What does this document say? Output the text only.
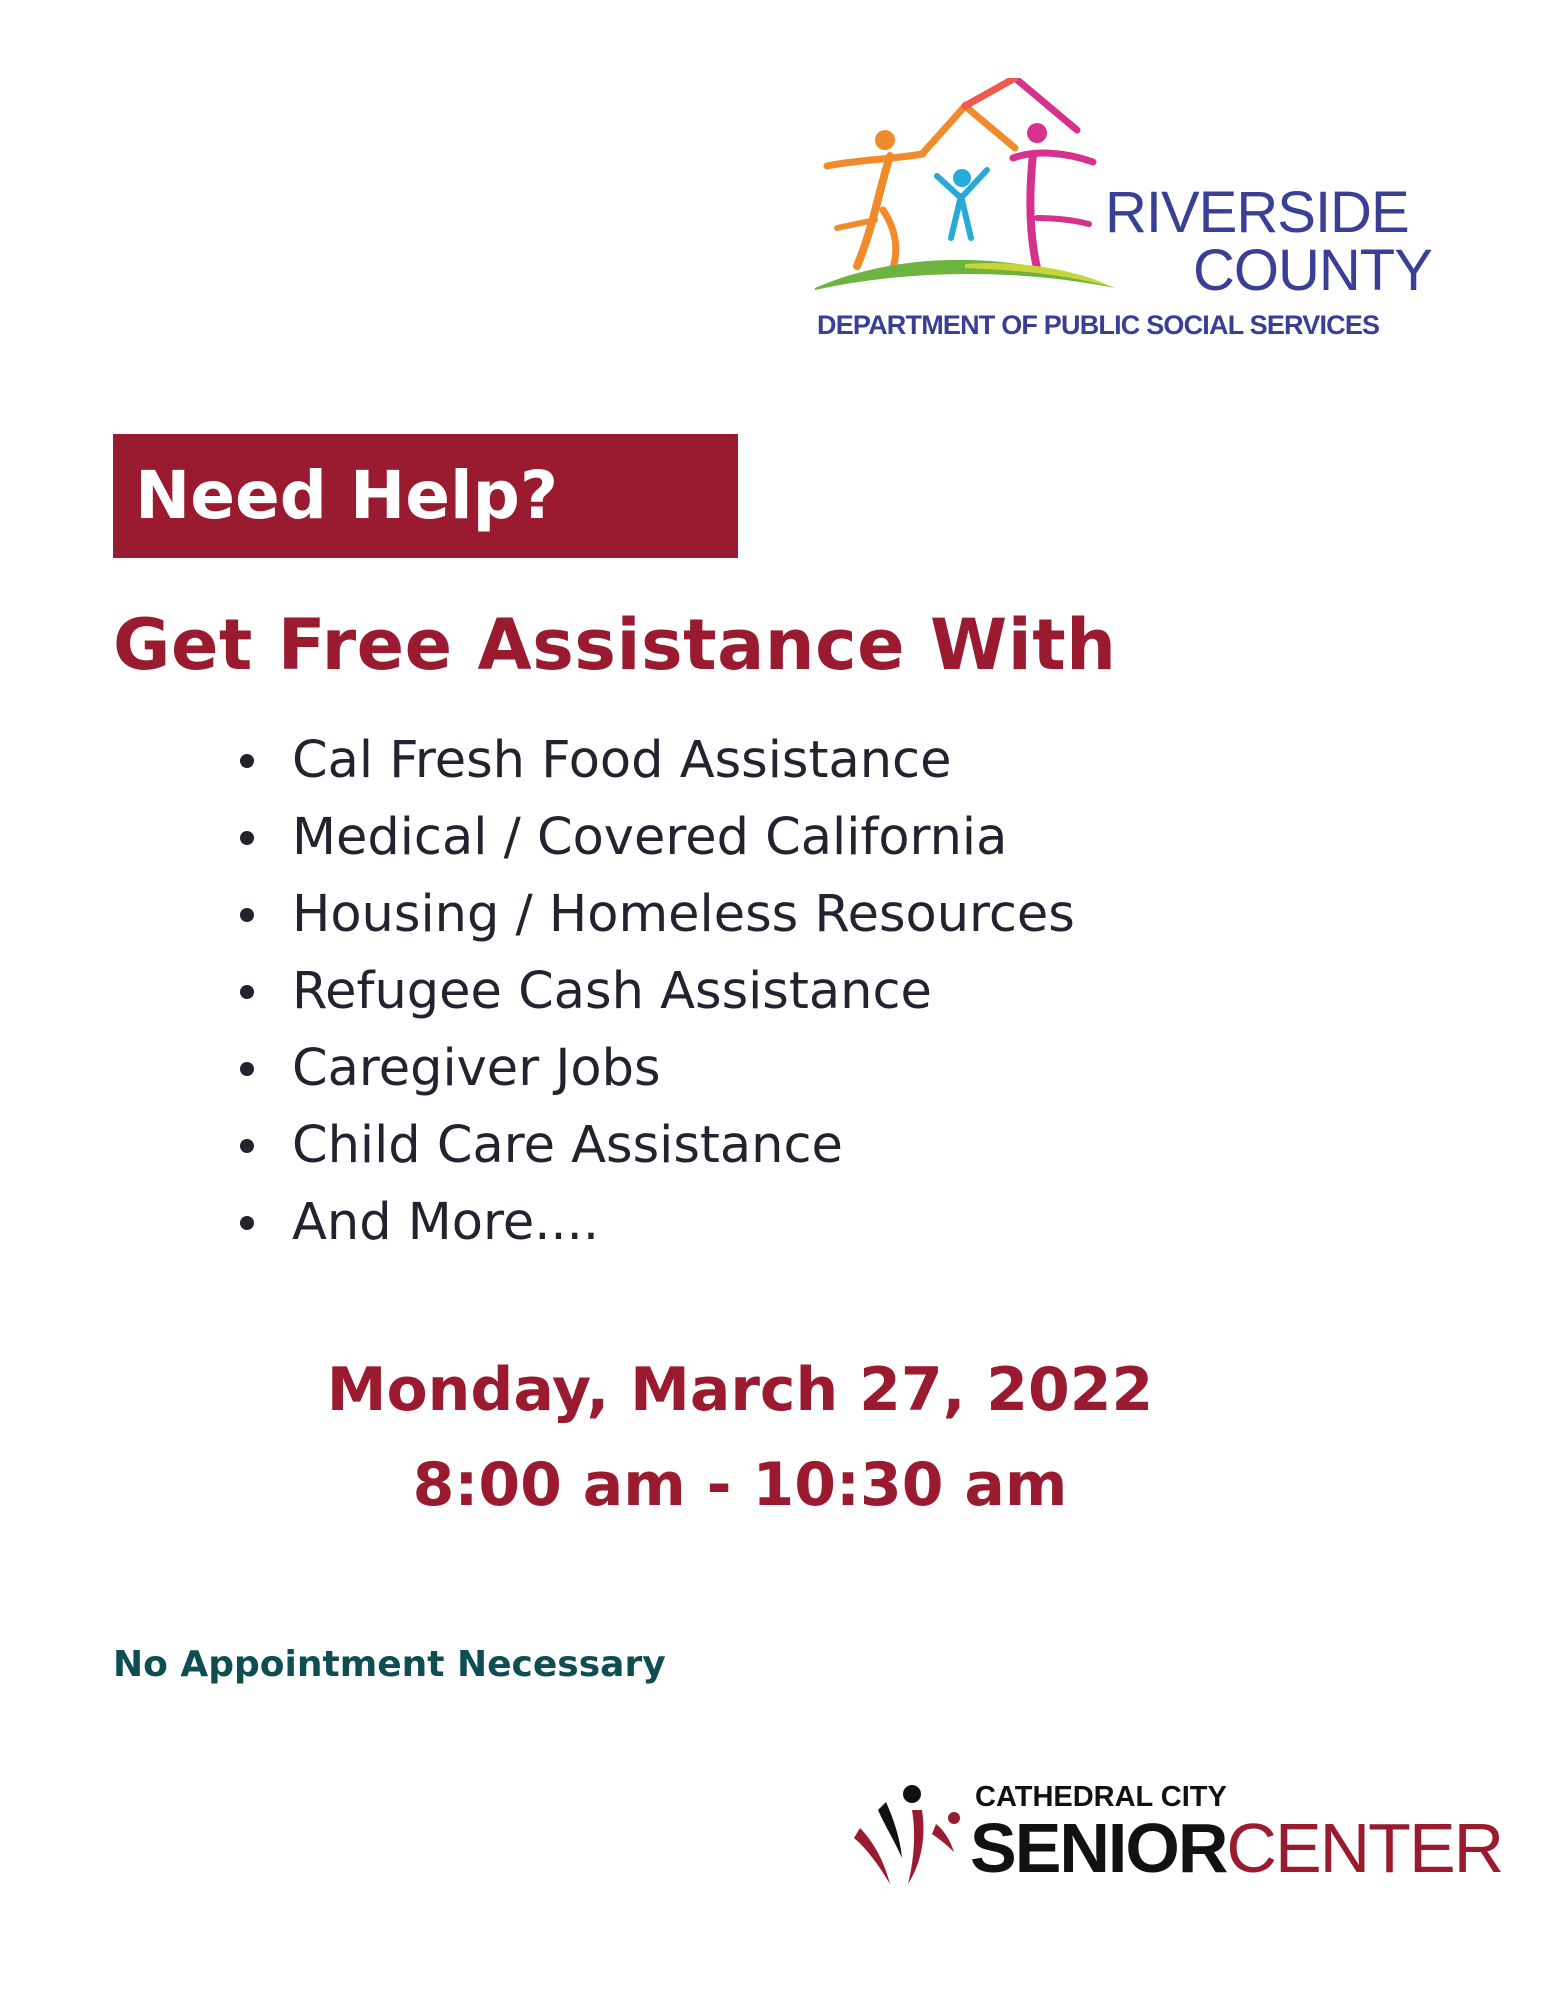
RIVERSIDE
COUNTY
DEPARTMENT OF PUBLIC SOCIAL SERVICES
Need Help?
Get Free Assistance With
Cal Fresh Food Assistance
Medical / Covered California
Housing / Homeless Resources
Refugee Cash Assistance
Caregiver Jobs
Child Care Assistance
And More....
Monday, March 27, 2022
8:00 am - 10:30 am
No Appointment Necessary
CATHEDRAL CITY
SENIORCENTER
